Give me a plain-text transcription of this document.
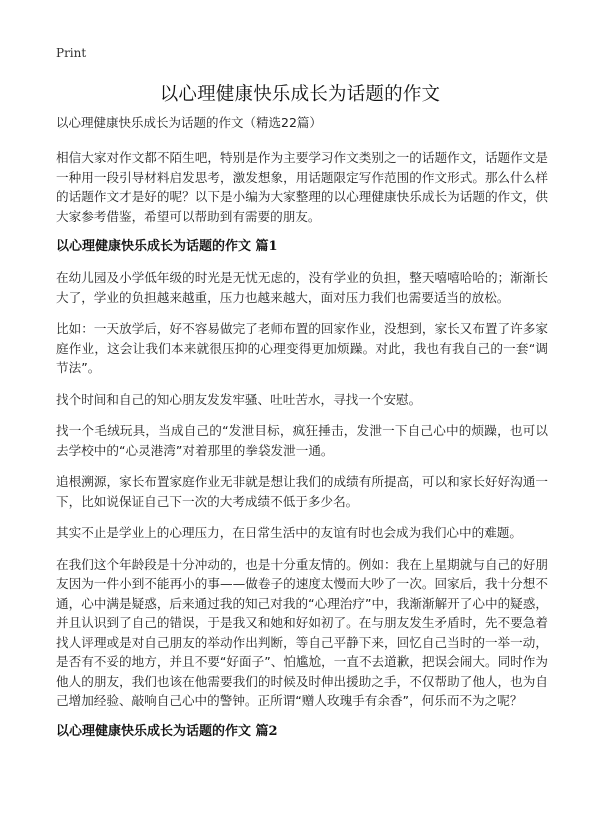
Print
以心理健康快乐成长为话题的作文
以心理健康快乐成长为话题的作文（精选22篇）

相信大家对作文都不陌生吧，特别是作为主要学习作文类别之一的话题作文，话题作文是一种用一段引导材料启发思考，激发想象，用话题限定写作范围的作文形式。那么什么样的话题作文才是好的呢？以下是小编为大家整理的以心理健康快乐成长为话题的作文，供大家参考借鉴，希望可以帮助到有需要的朋友。

以心理健康快乐成长为话题的作文 篇1

在幼儿园及小学低年级的时光是无忧无虑的，没有学业的负担，整天嘻嘻哈哈的；渐渐长大了，学业的负担越来越重，压力也越来越大，面对压力我们也需要适当的放松。

比如：一天放学后，好不容易做完了老师布置的回家作业，没想到，家长又布置了许多家庭作业，这会让我们本来就很压抑的心理变得更加烦躁。对此，我也有我自己的一套“调节法”。

找个时间和自己的知心朋友发发牢骚、吐吐苦水，寻找一个安慰。

找一个毛绒玩具，当成自己的“发泄目标，疯狂捶击，发泄一下自己心中的烦躁，也可以去学校中的“心灵港湾”对着那里的拳袋发泄一通。

追根溯源，家长布置家庭作业无非就是想让我们的成绩有所提高，可以和家长好好沟通一下，比如说保证自己下一次的大考成绩不低于多少名。

其实不止是学业上的心理压力，在日常生活中的友谊有时也会成为我们心中的难题。

在我们这个年龄段是十分冲动的，也是十分重友情的。例如：我在上星期就与自己的好朋友因为一件小到不能再小的事——做卷子的速度太慢而大吵了一次。回家后，我十分想不通，心中满是疑惑，后来通过我的知己对我的“心理治疗”中，我渐渐解开了心中的疑惑，并且认识到了自己的错误，于是我又和她和好如初了。在与朋友发生矛盾时，先不要急着找人评理或是对自己朋友的举动作出判断，等自己平静下来，回忆自己当时的一举一动，是否有不妥的地方，并且不要“好面子”、怕尴尬，一直不去道歉，把误会闹大。同时作为他人的朋友，我们也该在他需要我们的时候及时伸出援助之手，不仅帮助了他人，也为自己增加经验、敲响自己心中的警钟。正所谓“赠人玫瑰手有余香”，何乐而不为之呢？

以心理健康快乐成长为话题的作文 篇2
